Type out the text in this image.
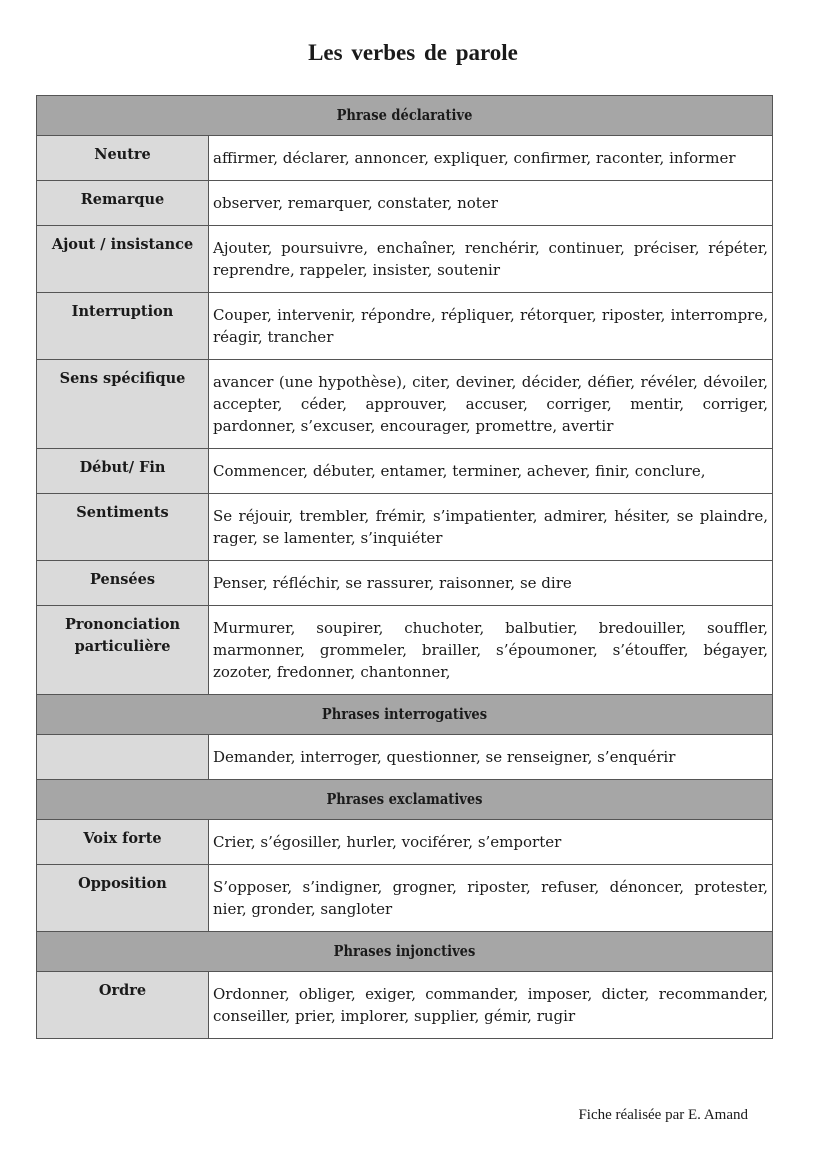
Les verbes de parole
Phrase déclarative	
Neutre	affirmer, déclarer, annoncer, expliquer, confirmer, raconter, informer
Remarque	observer, remarquer, constater, noter
Ajout / insistance	Ajouter, poursuivre, enchaîner, renchérir, continuer, préciser, répéter, reprendre, rappeler, insister, soutenir
Interruption	Couper, intervenir, répondre, répliquer, rétorquer, riposter, interrompre, réagir, trancher
Sens spécifique	avancer (une hypothèse), citer, deviner, décider, défier, révéler, dévoiler, accepter, céder, approuver, accuser, corriger, mentir, corriger, pardonner, s’excuser, encourager, promettre, avertir
Début/ Fin	Commencer, débuter, entamer, terminer, achever, finir, conclure,
Sentiments	Se réjouir, trembler, frémir, s’impatienter, admirer, hésiter, se plaindre, rager, se lamenter, s’inquiéter
Pensées	Penser, réfléchir, se rassurer, raisonner, se dire
Prononciation particulière	Murmurer, soupirer, chuchoter, balbutier, bredouiller, souffler, marmonner, grommeler, brailler, s’époumoner, s’étouffer, bégayer, zozoter, fredonner, chantonner,
Phrases interrogatives	
	Demander, interroger, questionner, se renseigner, s’enquérir
Phrases exclamatives	
Voix forte	Crier, s’égosiller, hurler, vociférer, s’emporter
Opposition	S’opposer, s’indigner, grogner, riposter, refuser, dénoncer, protester, nier, gronder, sangloter
Phrases injonctives	
Ordre	Ordonner, obliger, exiger, commander, imposer, dicter, recommander, conseiller, prier, implorer, supplier, gémir, rugir
Fiche réalisée par E. Amand
